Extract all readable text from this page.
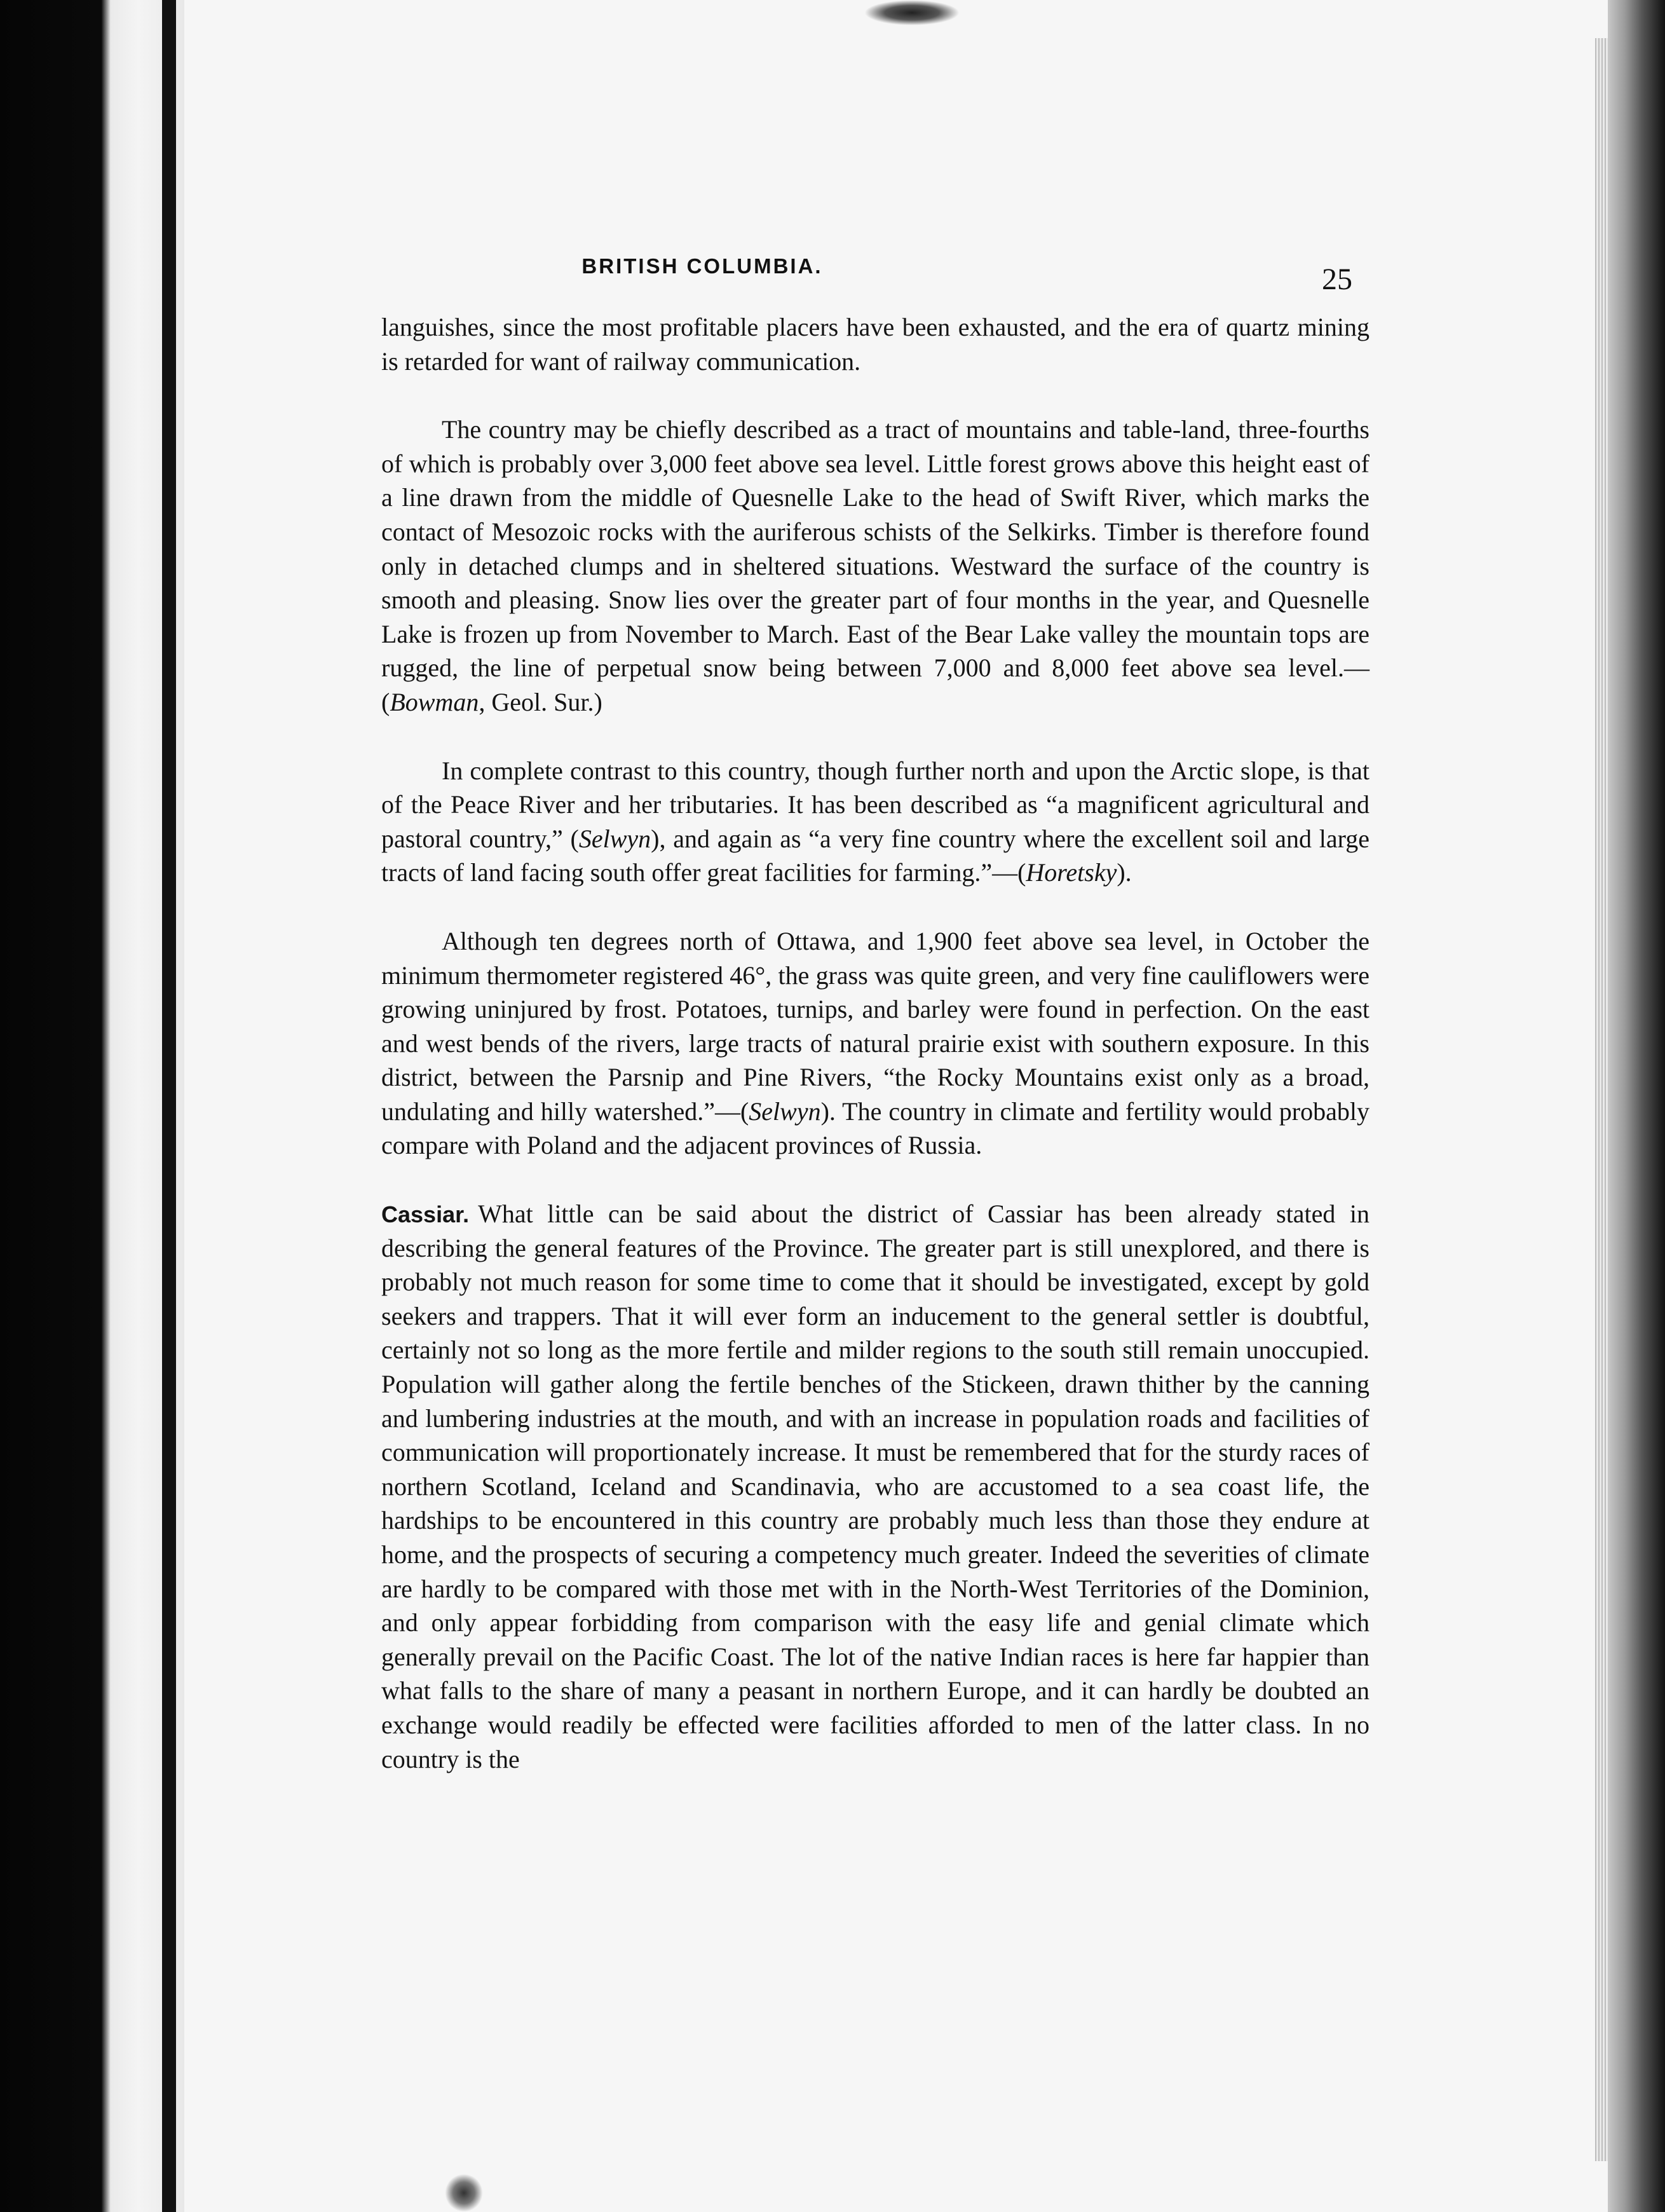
BRITISH COLUMBIA.	25

languishes, since the most profitable placers have been exhausted, and the era of quartz mining is retarded for want of railway communication.

The country may be chiefly described as a tract of mountains and table-land, three-fourths of which is probably over 3,000 feet above sea level. Little forest grows above this height east of a line drawn from the middle of Quesnelle Lake to the head of Swift River, which marks the contact of Mesozoic rocks with the auriferous schists of the Selkirks. Timber is therefore found only in detached clumps and in sheltered situations. Westward the surface of the country is smooth and pleasing. Snow lies over the greater part of four months in the year, and Quesnelle Lake is frozen up from November to March. East of the Bear Lake valley the mountain tops are rugged, the line of perpetual snow being between 7,000 and 8,000 feet above sea level.—(Bowman, Geol. Sur.)

In complete contrast to this country, though further north and upon the Arctic slope, is that of the Peace River and her tributaries. It has been described as “a magnificent agricultural and pastoral country,” (Selwyn), and again as “a very fine country where the excellent soil and large tracts of land facing south offer great facilities for farming.”—(Horetsky).

Although ten degrees north of Ottawa, and 1,900 feet above sea level, in October the minimum thermometer registered 46°, the grass was quite green, and very fine cauliflowers were growing uninjured by frost. Potatoes, turnips, and barley were found in perfection. On the east and west bends of the rivers, large tracts of natural prairie exist with southern exposure. In this district, between the Parsnip and Pine Rivers, “the Rocky Mountains exist only as a broad, undulating and hilly watershed.”—(Selwyn). The country in climate and fertility would probably compare with Poland and the adjacent provinces of Russia.

Cassiar. What little can be said about the district of Cassiar has been already stated in describing the general features of the Province. The greater part is still unexplored, and there is probably not much reason for some time to come that it should be investigated, except by gold seekers and trappers. That it will ever form an inducement to the general settler is doubtful, certainly not so long as the more fertile and milder regions to the south still remain unoccupied. Population will gather along the fertile benches of the Stickeen, drawn thither by the canning and lumbering industries at the mouth, and with an increase in population roads and facilities of communication will proportionately increase. It must be remembered that for the sturdy races of northern Scotland, Iceland and Scandinavia, who are accustomed to a sea coast life, the hardships to be encountered in this country are probably much less than those they endure at home, and the prospects of securing a competency much greater. Indeed the severities of climate are hardly to be compared with those met with in the North-West Territories of the Dominion, and only appear forbidding from comparison with the easy life and genial climate which generally prevail on the Pacific Coast. The lot of the native Indian races is here far happier than what falls to the share of many a peasant in northern Europe, and it can hardly be doubted an exchange would readily be effected were facilities afforded to men of the latter class. In no country is the
